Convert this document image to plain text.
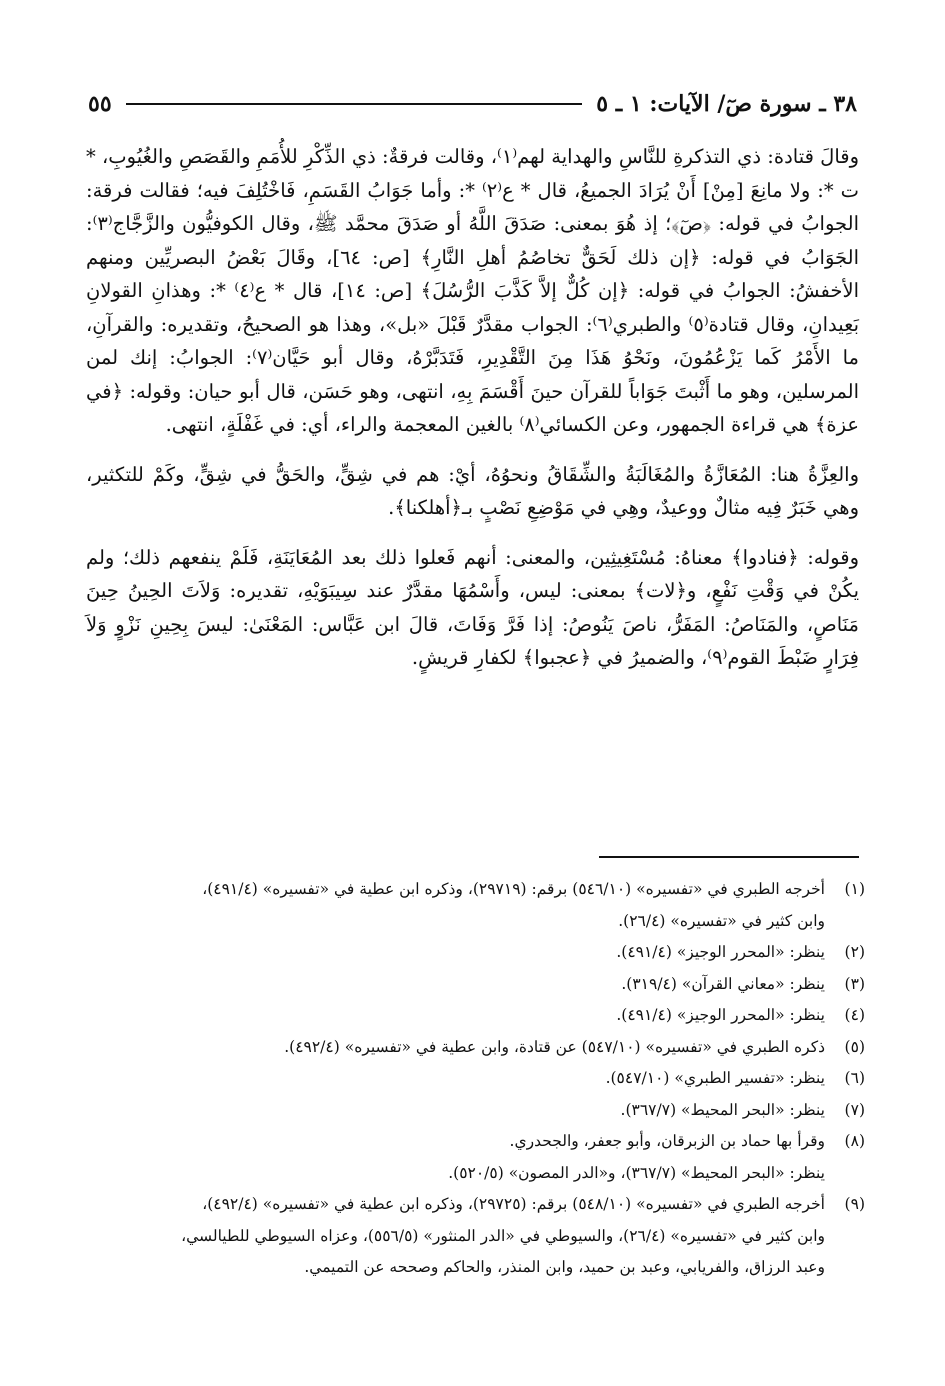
٣٨ ـ سورة صٓ/ الآيات: ١ ـ ٥
٥٥

وقالَ قتادة: ذي التذكرةِ للنَّاسِ والهداية لهم⁽١⁾، وقالت فرقةٌ: ذي الذِّكْرِ للأُمَمِ والقَصَصِ والغُيُوبِ، * ت *: ولا مانِعَ [مِنْ] أَنْ يُرَادَ الجميعُ، قال * ع⁽٢⁾ *: وأما جَوَابُ القَسَمِ، فَاخْتُلِفَ فيه؛ فقالت فرقة: الجوابُ في قوله: ﴿صٓ﴾؛ إذ هُوَ بمعنى: صَدَقَ اللَّهُ أو صَدَقَ محمَّد ﷺ، وقال الكوفيُّون والزَّجَّاج⁽٣⁾: الجَوَابُ في قوله: ﴿إن ذلك لَحَقٌّ تخاصُمُ أهلِ النَّارِ﴾ [ص: ٦٤]، وقَالَ بَعْضُ البصريِّين ومنهم الأخفشُ: الجوابُ في قوله: ﴿إن كُلٌّ إلاَّ كَذَّبَ الرُّسُلَ﴾ [ص: ١٤]، قال * ع⁽٤⁾ *: وهذانِ القولانِ بَعِيدانِ، وقال قتادة⁽٥⁾ والطبري⁽٦⁾: الجواب مقدَّرٌ قَبْلَ «بل»، وهذا هو الصحيحُ، وتقديره: والقرآنِ، ما الأَمْرُ كَما يَزْعُمُونَ، ونَحْوُ هَذَا مِنَ التَّقْدِيرِ، فَتَدَبَّرْهُ، وقال أبو حَيَّان⁽٧⁾: الجوابُ: إنك لمن المرسلين، وهو ما أَثْبتَ جَوَاباً للقرآن حينَ أَقْسَمَ بِهِ، انتهى، وهو حَسَن، قال أبو حيان: وقوله: ﴿في عزة﴾ هي قراءة الجمهور، وعن الكسائي⁽٨⁾ بالغين المعجمة والراء، أي: في غَفْلَةٍ، انتهى.

والعِزَّةُ هنا: المُعَازَّةُ والمُغَالَبَةُ والشِّقَاقُ ونحوُهُ، أيْ: هم في شِقٍّ، والحَقُّ في شِقٍّ، وكَمْ للتكثير، وهي خَبَرٌ فِيه مثالٌ ووعيدٌ، وهِي في مَوْضِعِ نَصْبٍ بـ﴿أهلكنا﴾.

وقوله: ﴿فنادوا﴾ معناهُ: مُسْتَغِيثِين، والمعنى: أنهم فَعلوا ذلك بعد المُعَايَنَةِ، فَلَمْ ينفعهم ذلك؛ ولم يكُنْ في وَقْتِ نَفْعٍ، و﴿لات﴾ بمعنى: ليس، وأَسْمُهَا مقدَّرٌ عند سِيبَوَيْهِ، تقديره: وَلاَتَ الحِينُ حِينَ مَنَاصٍ، والمَنَاصُ: المَفَرُّ، ناصَ يَنُوصُ: إذا فَرَّ وَفَاتَ، قالَ ابن عَبَّاس: المَعْنَىٰ: ليسَ بِحِينِ نَزْوٍ وَلاَ فِرَارٍ ضَبْطَ القوم⁽٩⁾، والضميرُ في ﴿عجبوا﴾ لكفارِ قريشٍ.

(١)
أخرجه الطبري في «تفسيره» (٥٤٦/١٠) برقم: (٢٩٧١٩)، وذكره ابن عطية في «تفسيره» (٤٩١/٤)،
وابن كثير في «تفسيره» (٢٦/٤).
(٢)
ينظر: «المحرر الوجيز» (٤٩١/٤).
(٣)
ينظر: «معاني القرآن» (٣١٩/٤).
(٤)
ينظر: «المحرر الوجيز» (٤٩١/٤).
(٥)
ذكره الطبري في «تفسيره» (٥٤٧/١٠) عن قتادة، وابن عطية في «تفسيره» (٤٩٢/٤).
(٦)
ينظر: «تفسير الطبري» (٥٤٧/١٠).
(٧)
ينظر: «البحر المحيط» (٣٦٧/٧).
(٨)
وقرأ بها حماد بن الزبرقان، وأبو جعفر، والجحدري.
ينظر: «البحر المحيط» (٣٦٧/٧)، و«الدر المصون» (٥٢٠/٥).
(٩)
أخرجه الطبري في «تفسيره» (٥٤٨/١٠) برقم: (٢٩٧٢٥)، وذكره ابن عطية في «تفسيره» (٤٩٢/٤)،
وابن كثير في «تفسيره» (٢٦/٤)، والسيوطي في «الدر المنثور» (٥٥٦/٥)، وعزاه السيوطي للطيالسي،
وعبد الرزاق، والفريابي، وعبد بن حميد، وابن المنذر، والحاكم وصححه عن التميمي.
